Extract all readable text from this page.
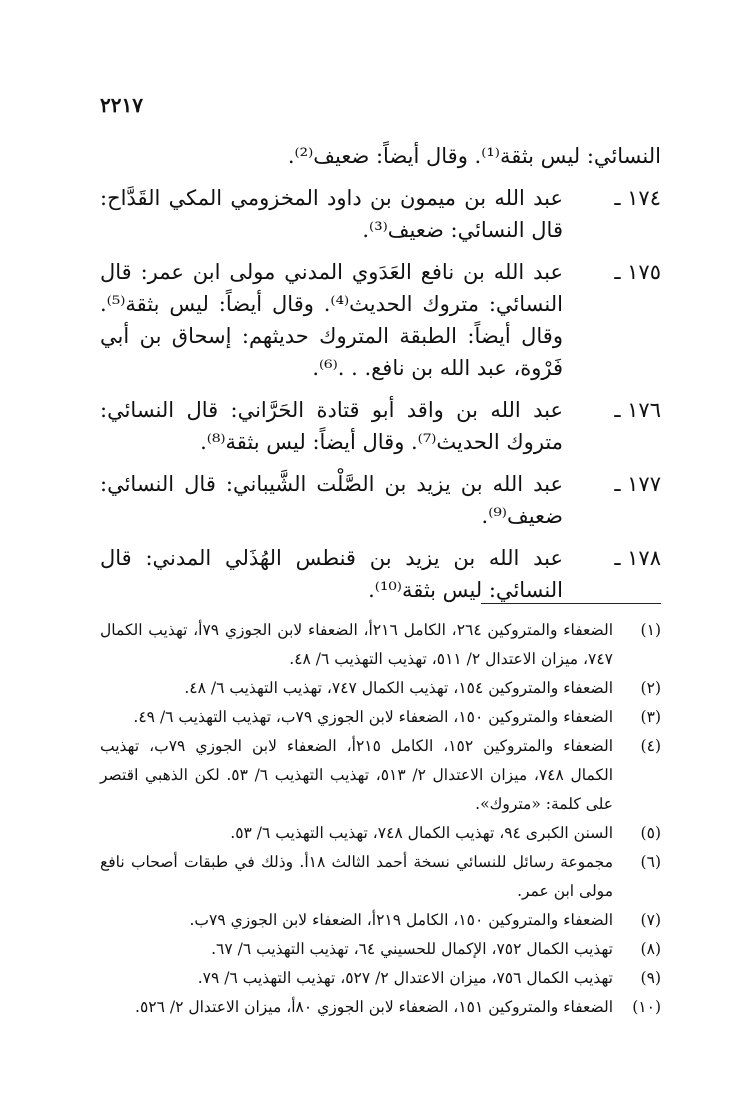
٢٢١٧
النسائي: ليس بثقة⁽¹⁾. وقال أيضاً: ضعيف⁽²⁾.
١٧٤ ـ
عبد الله بن ميمون بن داود المخزومي المكي القَدَّاح: قال النسائي: ضعيف⁽³⁾.
١٧٥ ـ
عبد الله بن نافع العَدَوي المدني مولى ابن عمر: قال النسائي: متروك الحديث⁽⁴⁾. وقال أيضاً: ليس بثقة⁽⁵⁾. وقال أيضاً: الطبقة المتروك حديثهم: إسحاق بن أبي فَرْوة، عبد الله بن نافع. . .⁽⁶⁾.
١٧٦ ـ
عبد الله بن واقد أبو قتادة الحَرَّاني: قال النسائي: متروك الحديث⁽⁷⁾. وقال أيضاً: ليس بثقة⁽⁸⁾.
١٧٧ ـ
عبد الله بن يزيد بن الصَّلْت الشَّيباني: قال النسائي: ضعيف⁽⁹⁾.
١٧٨ ـ
عبد الله بن يزيد بن قنطس الهُذَلي المدني: قال النسائي: ليس بثقة⁽¹⁰⁾.
(١)
الضعفاء والمتروكين ٢٦٤، الكامل ٢١٦أ، الضعفاء لابن الجوزي ٧٩أ، تهذيب الكمال ٧٤٧، ميزان الاعتدال ٢/ ٥١١، تهذيب التهذيب ٦/ ٤٨.
(٢)
الضعفاء والمتروكين ١٥٤، تهذيب الكمال ٧٤٧، تهذيب التهذيب ٦/ ٤٨.
(٣)
الضعفاء والمتروكين ١٥٠، الضعفاء لابن الجوزي ٧٩ب، تهذيب التهذيب ٦/ ٤٩.
(٤)
الضعفاء والمتروكين ١٥٢، الكامل ٢١٥أ، الضعفاء لابن الجوزي ٧٩ب، تهذيب الكمال ٧٤٨، ميزان الاعتدال ٢/ ٥١٣، تهذيب التهذيب ٦/ ٥٣. لكن الذهبي اقتصر على كلمة: «متروك».
(٥)
السنن الكبرى ٩٤، تهذيب الكمال ٧٤٨، تهذيب التهذيب ٦/ ٥٣.
(٦)
مجموعة رسائل للنسائي نسخة أحمد الثالث ١٨أ. وذلك في طبقات أصحاب نافع مولى ابن عمر.
(٧)
الضعفاء والمتروكين ١٥٠، الكامل ٢١٩أ، الضعفاء لابن الجوزي ٧٩ب.
(٨)
تهذيب الكمال ٧٥٢، الإكمال للحسيني ٦٤، تهذيب التهذيب ٦/ ٦٧.
(٩)
تهذيب الكمال ٧٥٦، ميزان الاعتدال ٢/ ٥٢٧، تهذيب التهذيب ٦/ ٧٩.
(١٠)
الضعفاء والمتروكين ١٥١، الضعفاء لابن الجوزي ٨٠أ، ميزان الاعتدال ٢/ ٥٢٦.
